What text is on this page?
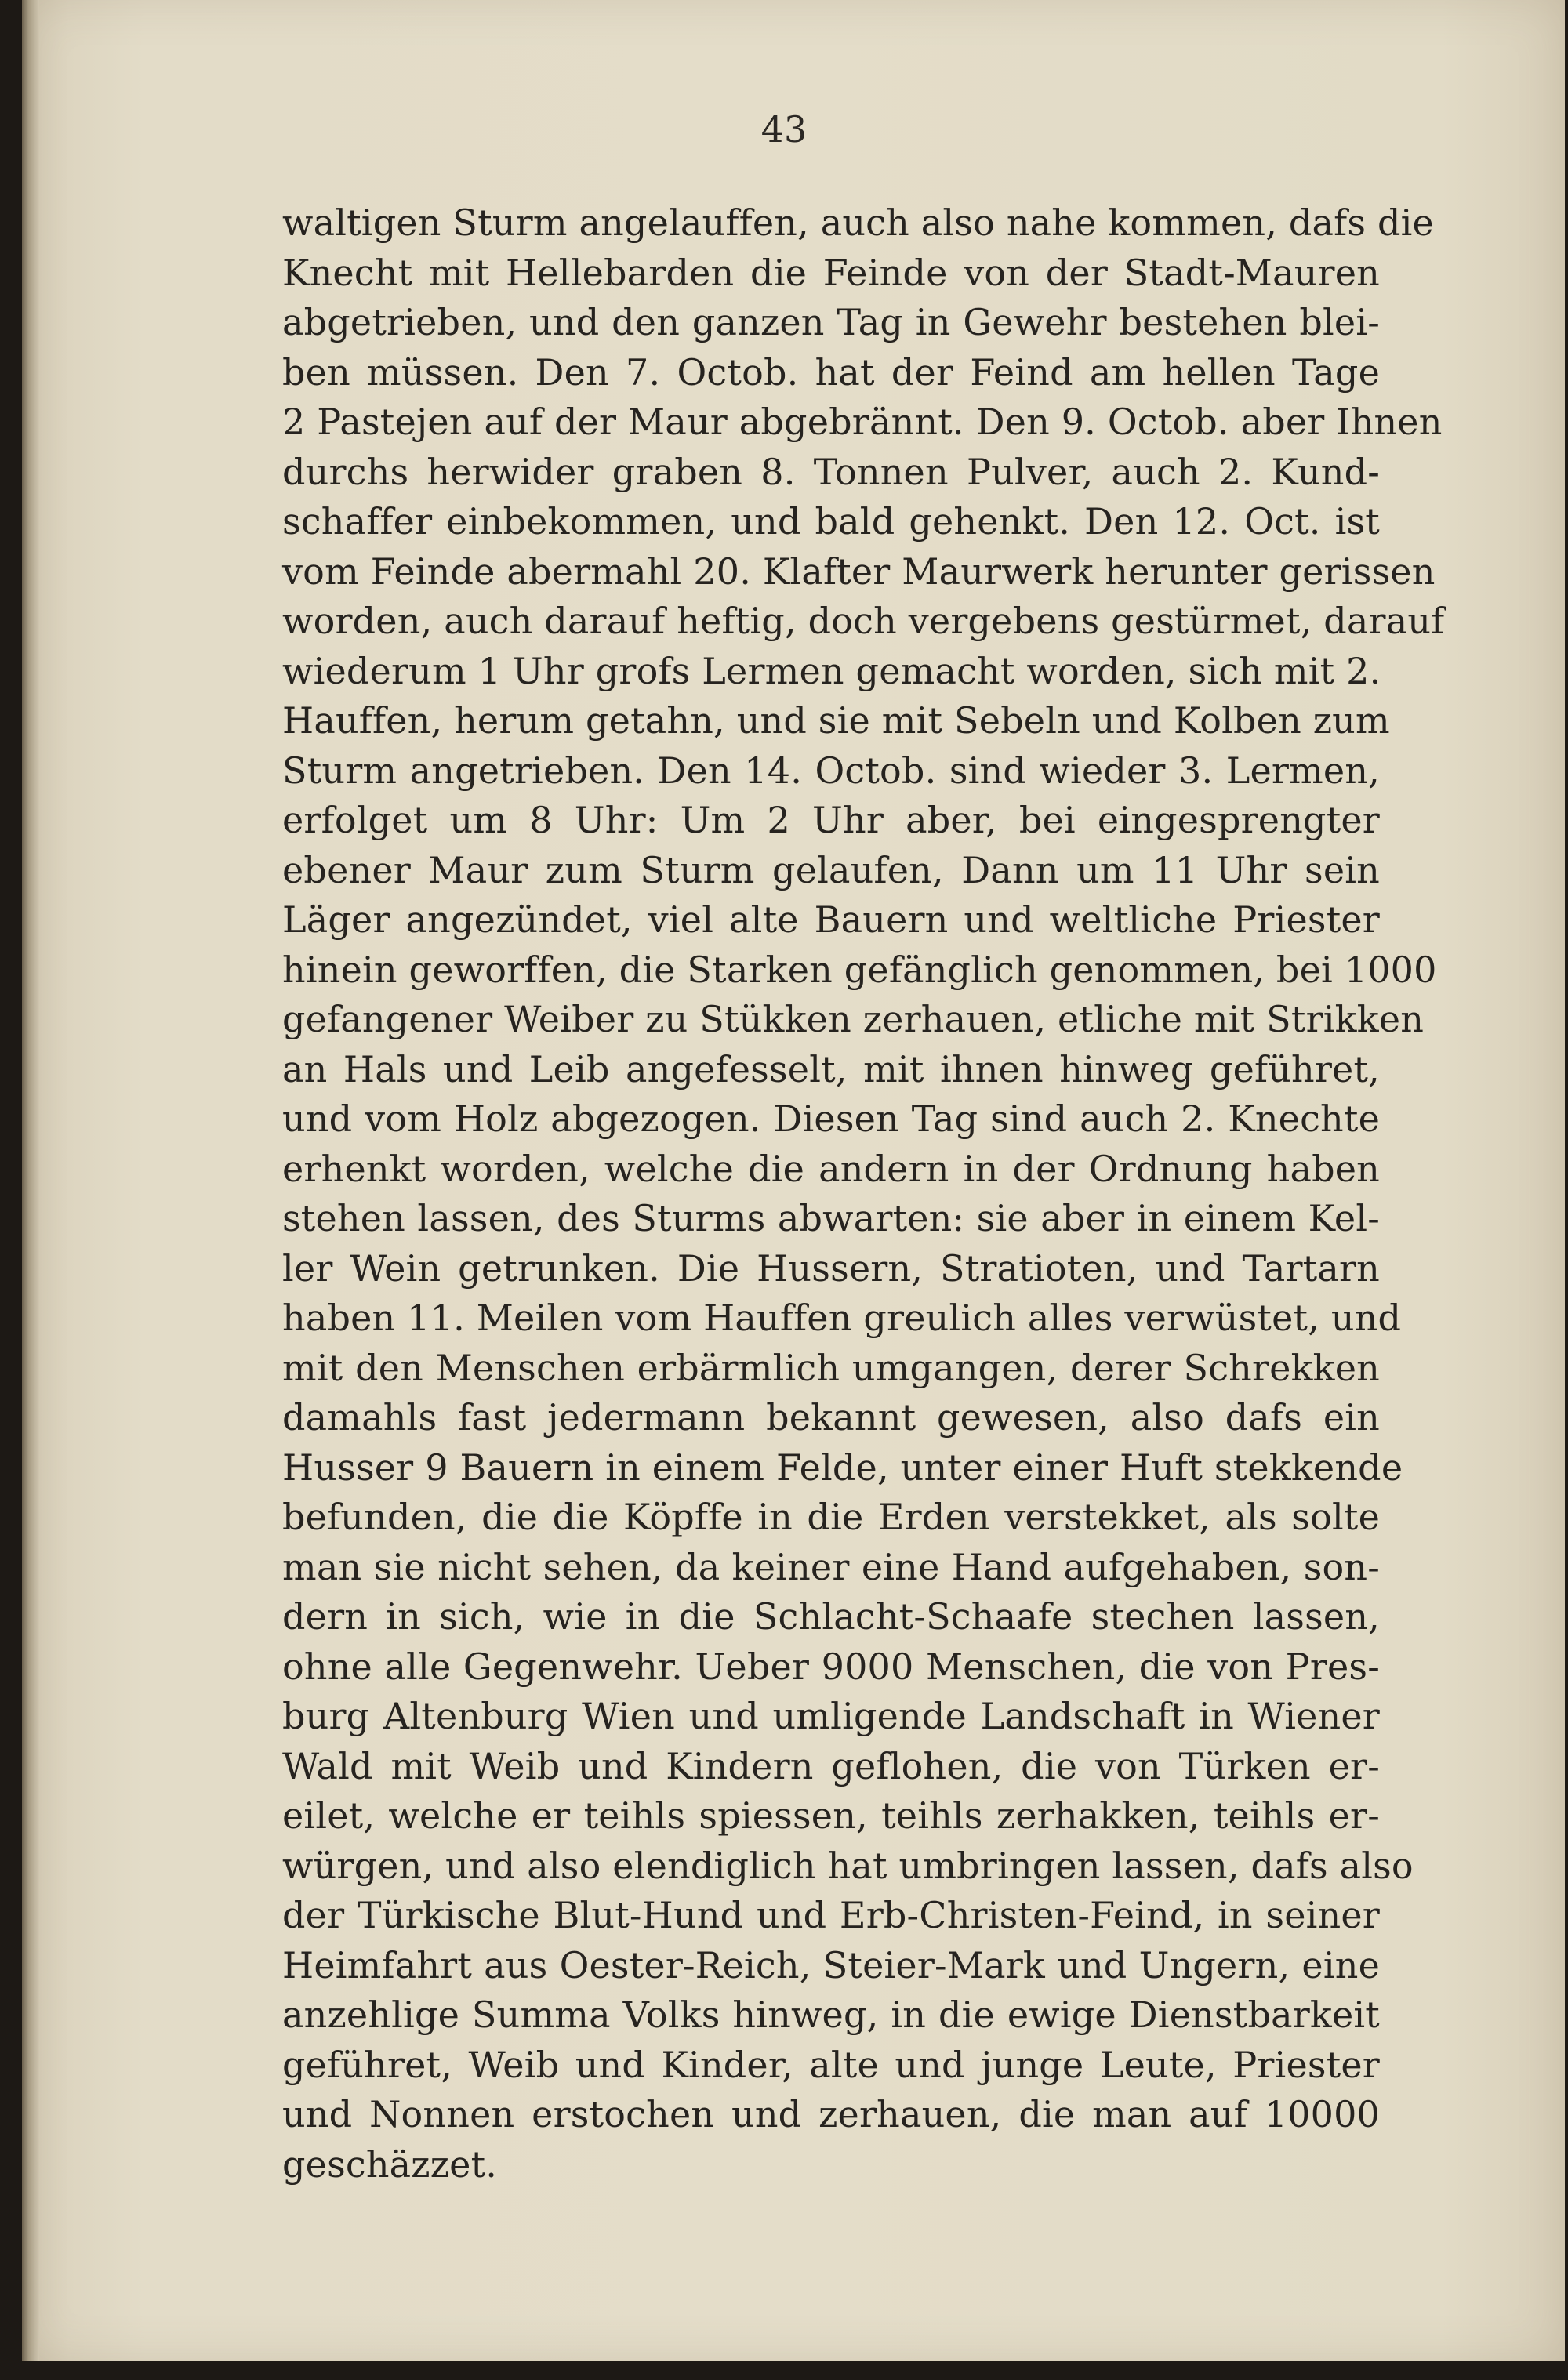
43
waltigen Sturm angelauffen, auch also nahe kommen, dafs die
Knecht mit Hellebarden die Feinde von der Stadt-Mauren
abgetrieben, und den ganzen Tag in Gewehr bestehen blei-
ben müssen. Den 7. Octob. hat der Feind am hellen Tage
2 Pastejen auf der Maur abgebrännt. Den 9. Octob. aber Ihnen
durchs herwider graben 8. Tonnen Pulver, auch 2. Kund-
schaffer einbekommen, und bald gehenkt. Den 12. Oct. ist
vom Feinde abermahl 20. Klafter Maurwerk herunter gerissen
worden, auch darauf heftig, doch vergebens gestürmet, darauf
wiederum 1 Uhr grofs Lermen gemacht worden, sich mit 2.
Hauffen, herum getahn, und sie mit Sebeln und Kolben zum
Sturm angetrieben. Den 14. Octob. sind wieder 3. Lermen,
erfolget um 8 Uhr: Um 2 Uhr aber, bei eingesprengter
ebener Maur zum Sturm gelaufen, Dann um 11 Uhr sein
Läger angezündet, viel alte Bauern und weltliche Priester
hinein geworffen, die Starken gefänglich genommen, bei 1000
gefangener Weiber zu Stükken zerhauen, etliche mit Strikken
an Hals und Leib angefesselt, mit ihnen hinweg geführet,
und vom Holz abgezogen. Diesen Tag sind auch 2. Knechte
erhenkt worden, welche die andern in der Ordnung haben
stehen lassen, des Sturms abwarten: sie aber in einem Kel-
ler Wein getrunken. Die Hussern, Stratioten, und Tartarn
haben 11. Meilen vom Hauffen greulich alles verwüstet, und
mit den Menschen erbärmlich umgangen, derer Schrekken
damahls fast jedermann bekannt gewesen, also dafs ein
Husser 9 Bauern in einem Felde, unter einer Huft stekkende
befunden, die die Köpffe in die Erden verstekket, als solte
man sie nicht sehen, da keiner eine Hand aufgehaben, son-
dern in sich, wie in die Schlacht-Schaafe stechen lassen,
ohne alle Gegenwehr. Ueber 9000 Menschen, die von Pres-
burg Altenburg Wien und umligende Landschaft in Wiener
Wald mit Weib und Kindern geflohen, die von Türken er-
eilet, welche er teihls spiessen, teihls zerhakken, teihls er-
würgen, und also elendiglich hat umbringen lassen, dafs also
der Türkische Blut-Hund und Erb-Christen-Feind, in seiner
Heimfahrt aus Oester-Reich, Steier-Mark und Ungern, eine
anzehlige Summa Volks hinweg, in die ewige Dienstbarkeit
geführet, Weib und Kinder, alte und junge Leute, Priester
und Nonnen erstochen und zerhauen, die man auf 10000
geschäzzet.
